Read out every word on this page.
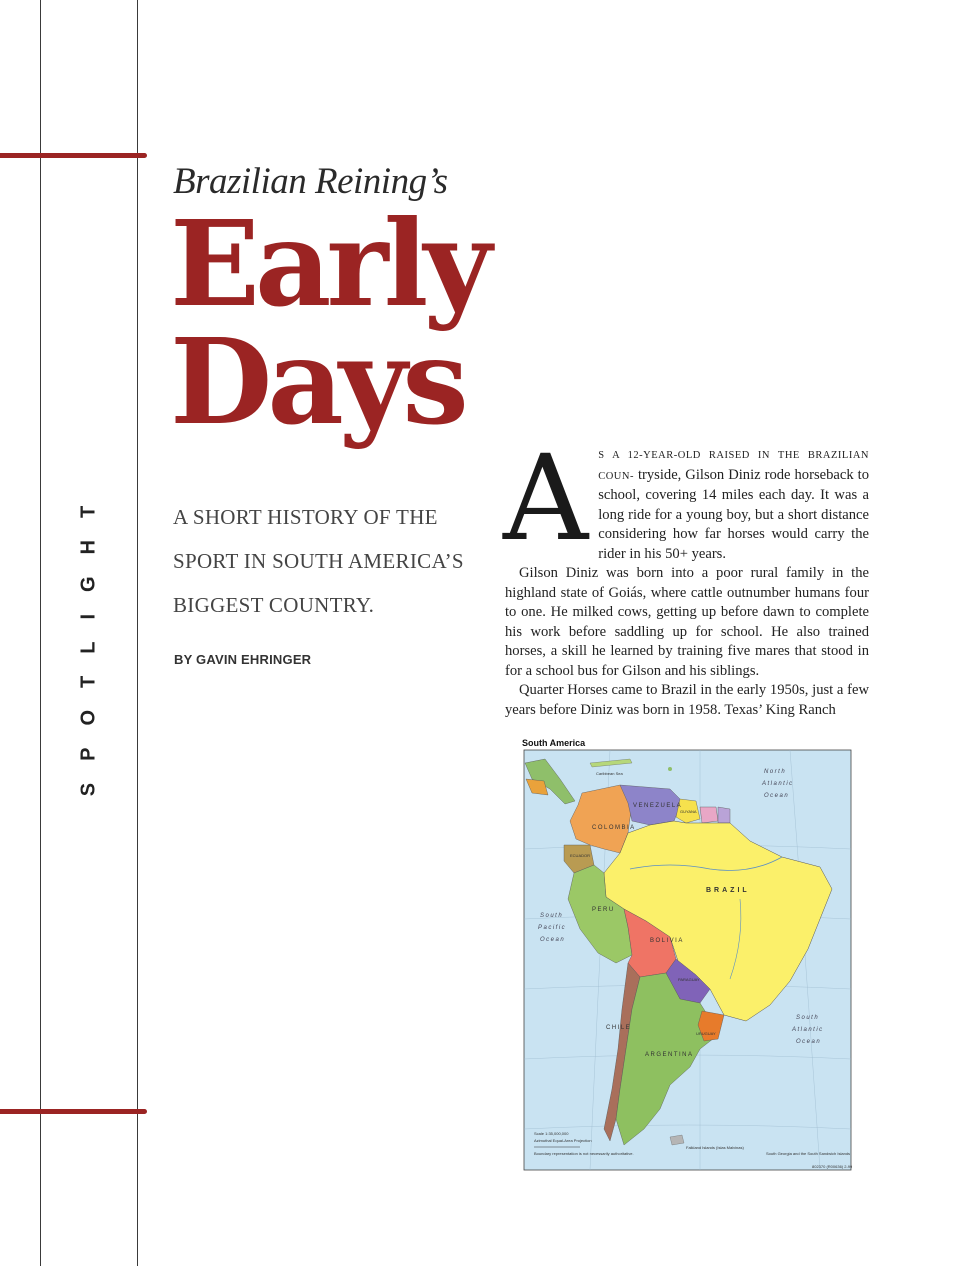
SPOTLIGHT
Brazilian Reining’s
Early
Days
A SHORT HISTORY OF THE SPORT IN SOUTH AMERICA’S BIGGEST COUNTRY.
BY GAVIN EHRINGER

A S A 12-YEAR-OLD RAISED IN THE BRAZILIAN COUN- tryside, Gilson Diniz rode horseback to school, covering 14 miles each day. It was a long ride for a young boy, but a short distance considering how far horses would carry the rider in his 50+ years.

Gilson Diniz was born into a poor rural family in the highland state of Goiás, where cattle outnumber humans four to one. He milked cows, getting up before dawn to complete his work before saddling up for school. He also trained horses, a skill he learned by training five mares that stood in for a school bus for Gilson and his siblings.

Quarter Horses came to Brazil in the early 1950s, just a few years before Diniz was born in 1958. Texas’ King Ranch

South America
VENEZUELA
COLOMBIA
PERU
BRAZIL
BOLIVIA
PARAGUAY
CHILE
ARGENTINA
URUGUAY
ECUADOR
GUYANA
North
Atlantic
Ocean
South
Pacific
Ocean
South
Atlantic
Ocean
Caribbean Sea
Scale 1:35,000,000
Azimuthal Equal-Area Projection
Boundary representation is not necessarily authoritative.
Falkland Islands (Islas Malvinas)
South Georgia and the South Sandwich Islands
802370 (R00636) 2-99
